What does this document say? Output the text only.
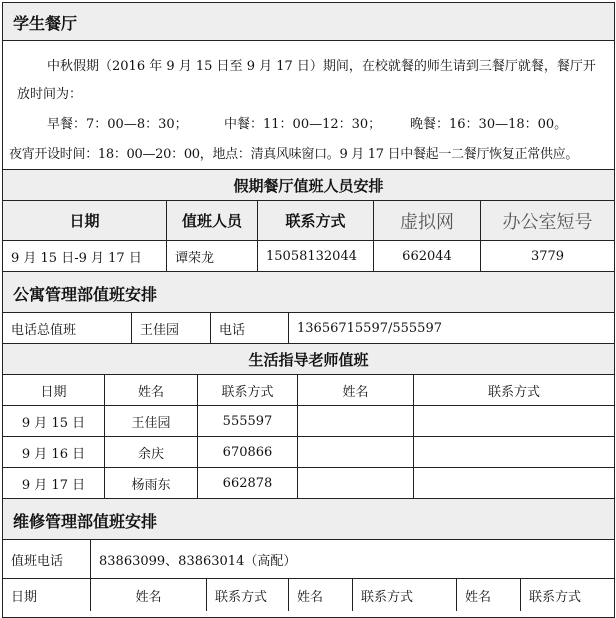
学生餐厅
中秋假期（2016 年 9 月 15 日至 9 月 17 日）期间，在校就餐的师生请到三餐厅就餐，餐厅开
放时间为：
早餐：7：00—8：30；	中餐：11：00—12：30； 晚餐：16：30—18：00。
夜宵开设时间：18：00—20：00，地点：清真风味窗口。9 月 17 日中餐起一二餐厅恢复正常供应。
假期餐厅值班人员安排
日期	值班人员	联系方式	虚拟网	办公室短号
9 月 15 日-9 月 17 日	谭荣龙	15058132044	662044	3779
公寓管理部值班安排
电话总值班	王佳园	电话	13656715597/555597
生活指导老师值班
日期	姓名	联系方式	姓名	联系方式
9 月 15 日	王佳园	555597
9 月 16 日	余庆	670866
9 月 17 日	杨雨东	662878
维修管理部值班安排
值班电话	83863099、83863014（高配）
日期	姓名	联系方式	姓名	联系方式	姓名	联系方式
